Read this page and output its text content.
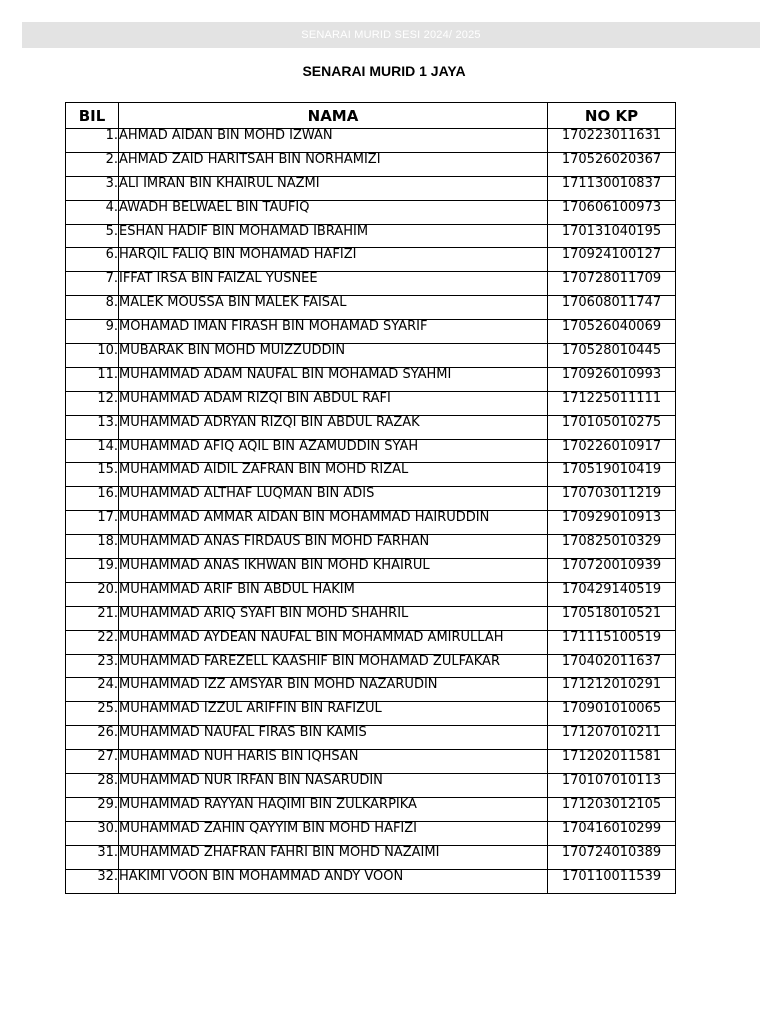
SENARAI MURID SESI 2024/ 2025
SENARAI MURID 1 JAYA
BIL	NAMA	NO KP
1.	AHMAD AIDAN BIN MOHD IZWAN	170223011631
2.	AHMAD ZAID HARITSAH BIN NORHAMIZI	170526020367
3.	ALI IMRAN BIN KHAIRUL NAZMI	171130010837
4.	AWADH BELWAEL BIN TAUFIQ	170606100973
5.	ESHAN HADIF BIN MOHAMAD IBRAHIM	170131040195
6.	HARQIL FALIQ BIN MOHAMAD HAFIZI	170924100127
7.	IFFAT IRSA BIN FAIZAL YUSNEE	170728011709
8.	MALEK MOUSSA BIN MALEK FAISAL	170608011747
9.	MOHAMAD IMAN FIRASH BIN MOHAMAD SYARIF	170526040069
10.	MUBARAK BIN MOHD MUIZZUDDIN	170528010445
11.	MUHAMMAD ADAM NAUFAL BIN MOHAMAD SYAHMI	170926010993
12.	MUHAMMAD ADAM RIZQI BIN ABDUL RAFI	171225011111
13.	MUHAMMAD ADRYAN RIZQI BIN ABDUL RAZAK	170105010275
14.	MUHAMMAD AFIQ AQIL BIN AZAMUDDIN SYAH	170226010917
15.	MUHAMMAD AIDIL ZAFRAN BIN MOHD RIZAL	170519010419
16.	MUHAMMAD ALTHAF LUQMAN BIN ADIS	170703011219
17.	MUHAMMAD AMMAR AIDAN BIN MOHAMMAD HAIRUDDIN	170929010913
18.	MUHAMMAD ANAS FIRDAUS BIN MOHD FARHAN	170825010329
19.	MUHAMMAD ANAS IKHWAN BIN MOHD KHAIRUL	170720010939
20.	MUHAMMAD ARIF BIN ABDUL HAKIM	170429140519
21.	MUHAMMAD ARIQ SYAFI BIN MOHD SHAHRIL	170518010521
22.	MUHAMMAD AYDEAN NAUFAL BIN MOHAMMAD AMIRULLAH	171115100519
23.	MUHAMMAD FAREZELL KAASHIF BIN MOHAMAD ZULFAKAR	170402011637
24.	MUHAMMAD IZZ AMSYAR BIN MOHD NAZARUDIN	171212010291
25.	MUHAMMAD IZZUL ARIFFIN BIN RAFIZUL	170901010065
26.	MUHAMMAD NAUFAL FIRAS BIN KAMIS	171207010211
27.	MUHAMMAD NUH HARIS BIN IQHSAN	171202011581
28.	MUHAMMAD NUR IRFAN BIN NASARUDIN	170107010113
29.	MUHAMMAD RAYYAN HAQIMI BIN ZULKARPIKA	171203012105
30.	MUHAMMAD ZAHIN QAYYIM BIN MOHD HAFIZI	170416010299
31.	MUHAMMAD ZHAFRAN FAHRI BIN MOHD NAZAIMI	170724010389
32.	HAKIMI VOON BIN MOHAMMAD ANDY VOON	170110011539
